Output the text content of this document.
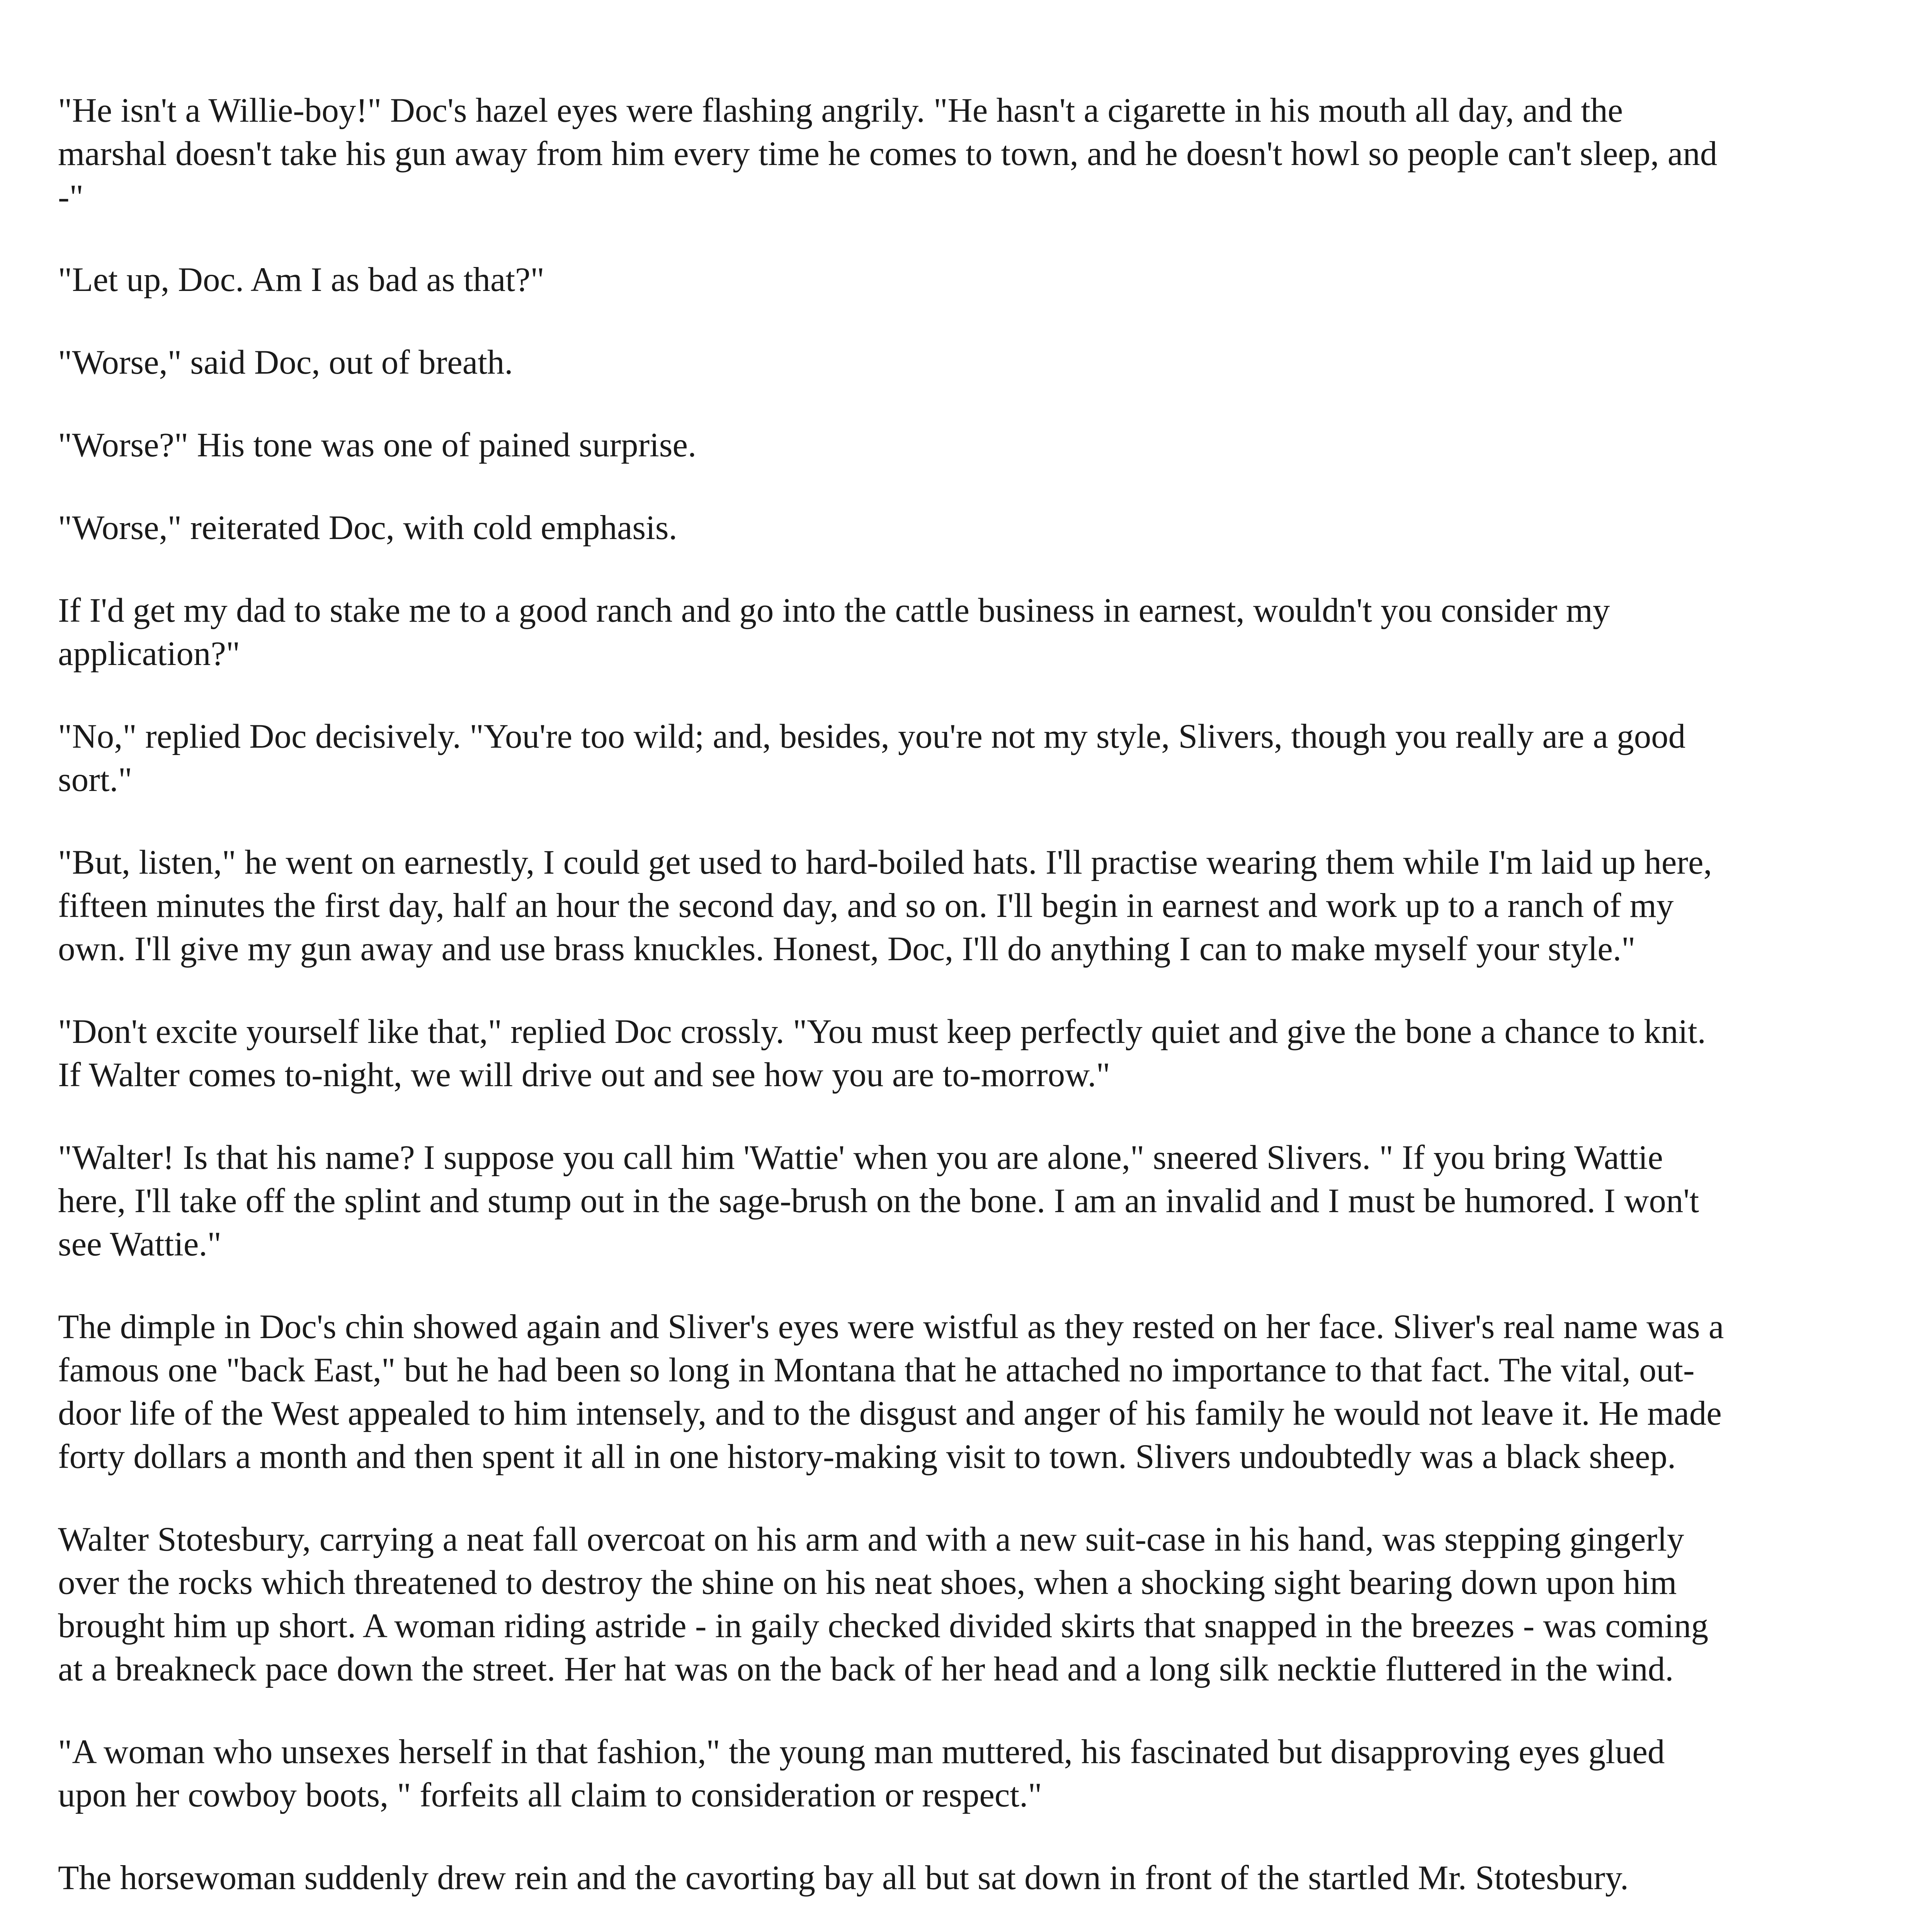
"He isn't a Willie-boy!" Doc's hazel eyes were flashing angrily. "He hasn't a cigarette in his mouth all day, and the marshal doesn't take his gun away from him every time he comes to town, and he doesn't howl so people can't sleep, and -"

"Let up, Doc. Am I as bad as that?"

"Worse," said Doc, out of breath.

"Worse?" His tone was one of pained surprise.

"Worse," reiterated Doc, with cold emphasis.

If I'd get my dad to stake me to a good ranch and go into the cattle business in earnest, wouldn't you consider my application?"

"No," replied Doc decisively. "You're too wild; and, besides, you're not my style, Slivers, though you really are a good sort."

"But, listen," he went on earnestly, I could get used to hard-boiled hats. I'll practise wearing them while I'm laid up here, fifteen minutes the first day, half an hour the second day, and so on. I'll begin in earnest and work up to a ranch of my own. I'll give my gun away and use brass knuckles. Honest, Doc, I'll do anything I can to make myself your style."

"Don't excite yourself like that," replied Doc crossly. "You must keep perfectly quiet and give the bone a chance to knit. If Walter comes to-night, we will drive out and see how you are to-morrow."

"Walter! Is that his name? I suppose you call him 'Wattie' when you are alone," sneered Slivers. " If you bring Wattie here, I'll take off the splint and stump out in the sage-brush on the bone. I am an invalid and I must be humored. I won't see Wattie."

The dimple in Doc's chin showed again and Sliver's eyes were wistful as they rested on her face. Sliver's real name was a famous one "back East," but he had been so long in Montana that he attached no importance to that fact. The vital, out-door life of the West appealed to him intensely, and to the disgust and anger of his family he would not leave it. He made forty dollars a month and then spent it all in one history-making visit to town. Slivers undoubtedly was a black sheep.

Walter Stotesbury, carrying a neat fall overcoat on his arm and with a new suit-case in his hand, was stepping gingerly over the rocks which threatened to destroy the shine on his neat shoes, when a shocking sight bearing down upon him brought him up short. A woman riding astride - in gaily checked divided skirts that snapped in the breezes - was coming at a breakneck pace down the street. Her hat was on the back of her head and a long silk necktie fluttered in the wind.

"A woman who unsexes herself in that fashion," the young man muttered, his fascinated but disapproving eyes glued upon her cowboy boots, " forfeits all claim to consideration or respect."

The horsewoman suddenly drew rein and the cavorting bay all but sat down in front of the startled Mr. Stotesbury.
